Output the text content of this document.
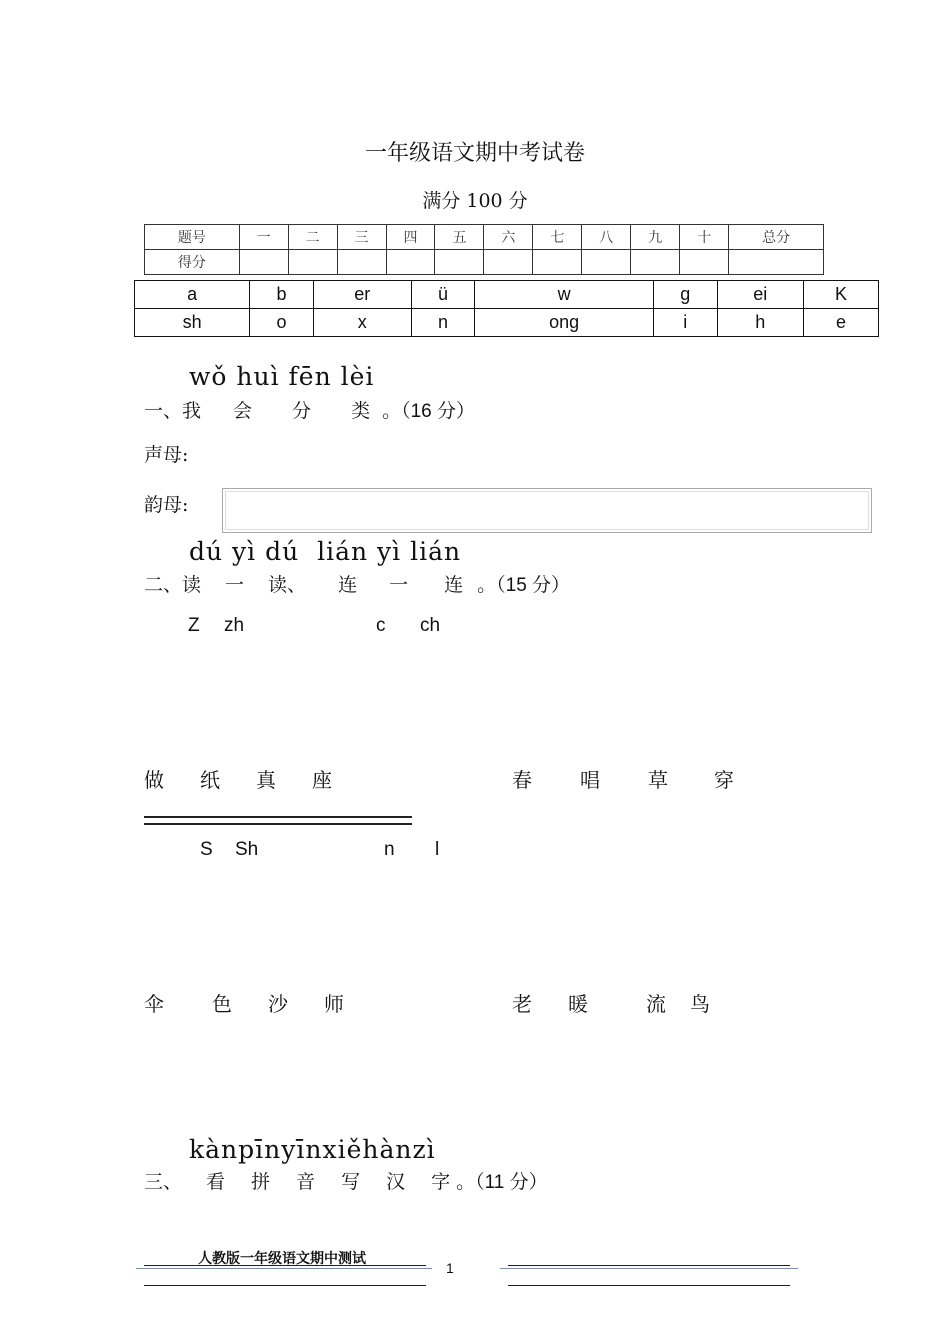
一年级语文期中考试卷
满分 100 分
题号	一	二	三	四	五	六	七	八	九	十	总分
得分											
a	b	er	ü	w	g	ei	K
sh	o	x	n	ong	i	h	e
wǒ huì fēn lèi
一、我 会 分 类 。（16 分）
声母:
韵母:
dú yì dú  lián yì lián
二、读 一 读、 连 一 连 。（15 分）
Z zh	c ch
做 纸 真 座	春 唱 草 穿
S Sh	n l
伞 色 沙 师	老 暖	流 鸟
kànpīnyīnxiěhànzì
三、 看 拼 音 写 汉 字 。（11 分）
人教版一年级语文期中测试
1
